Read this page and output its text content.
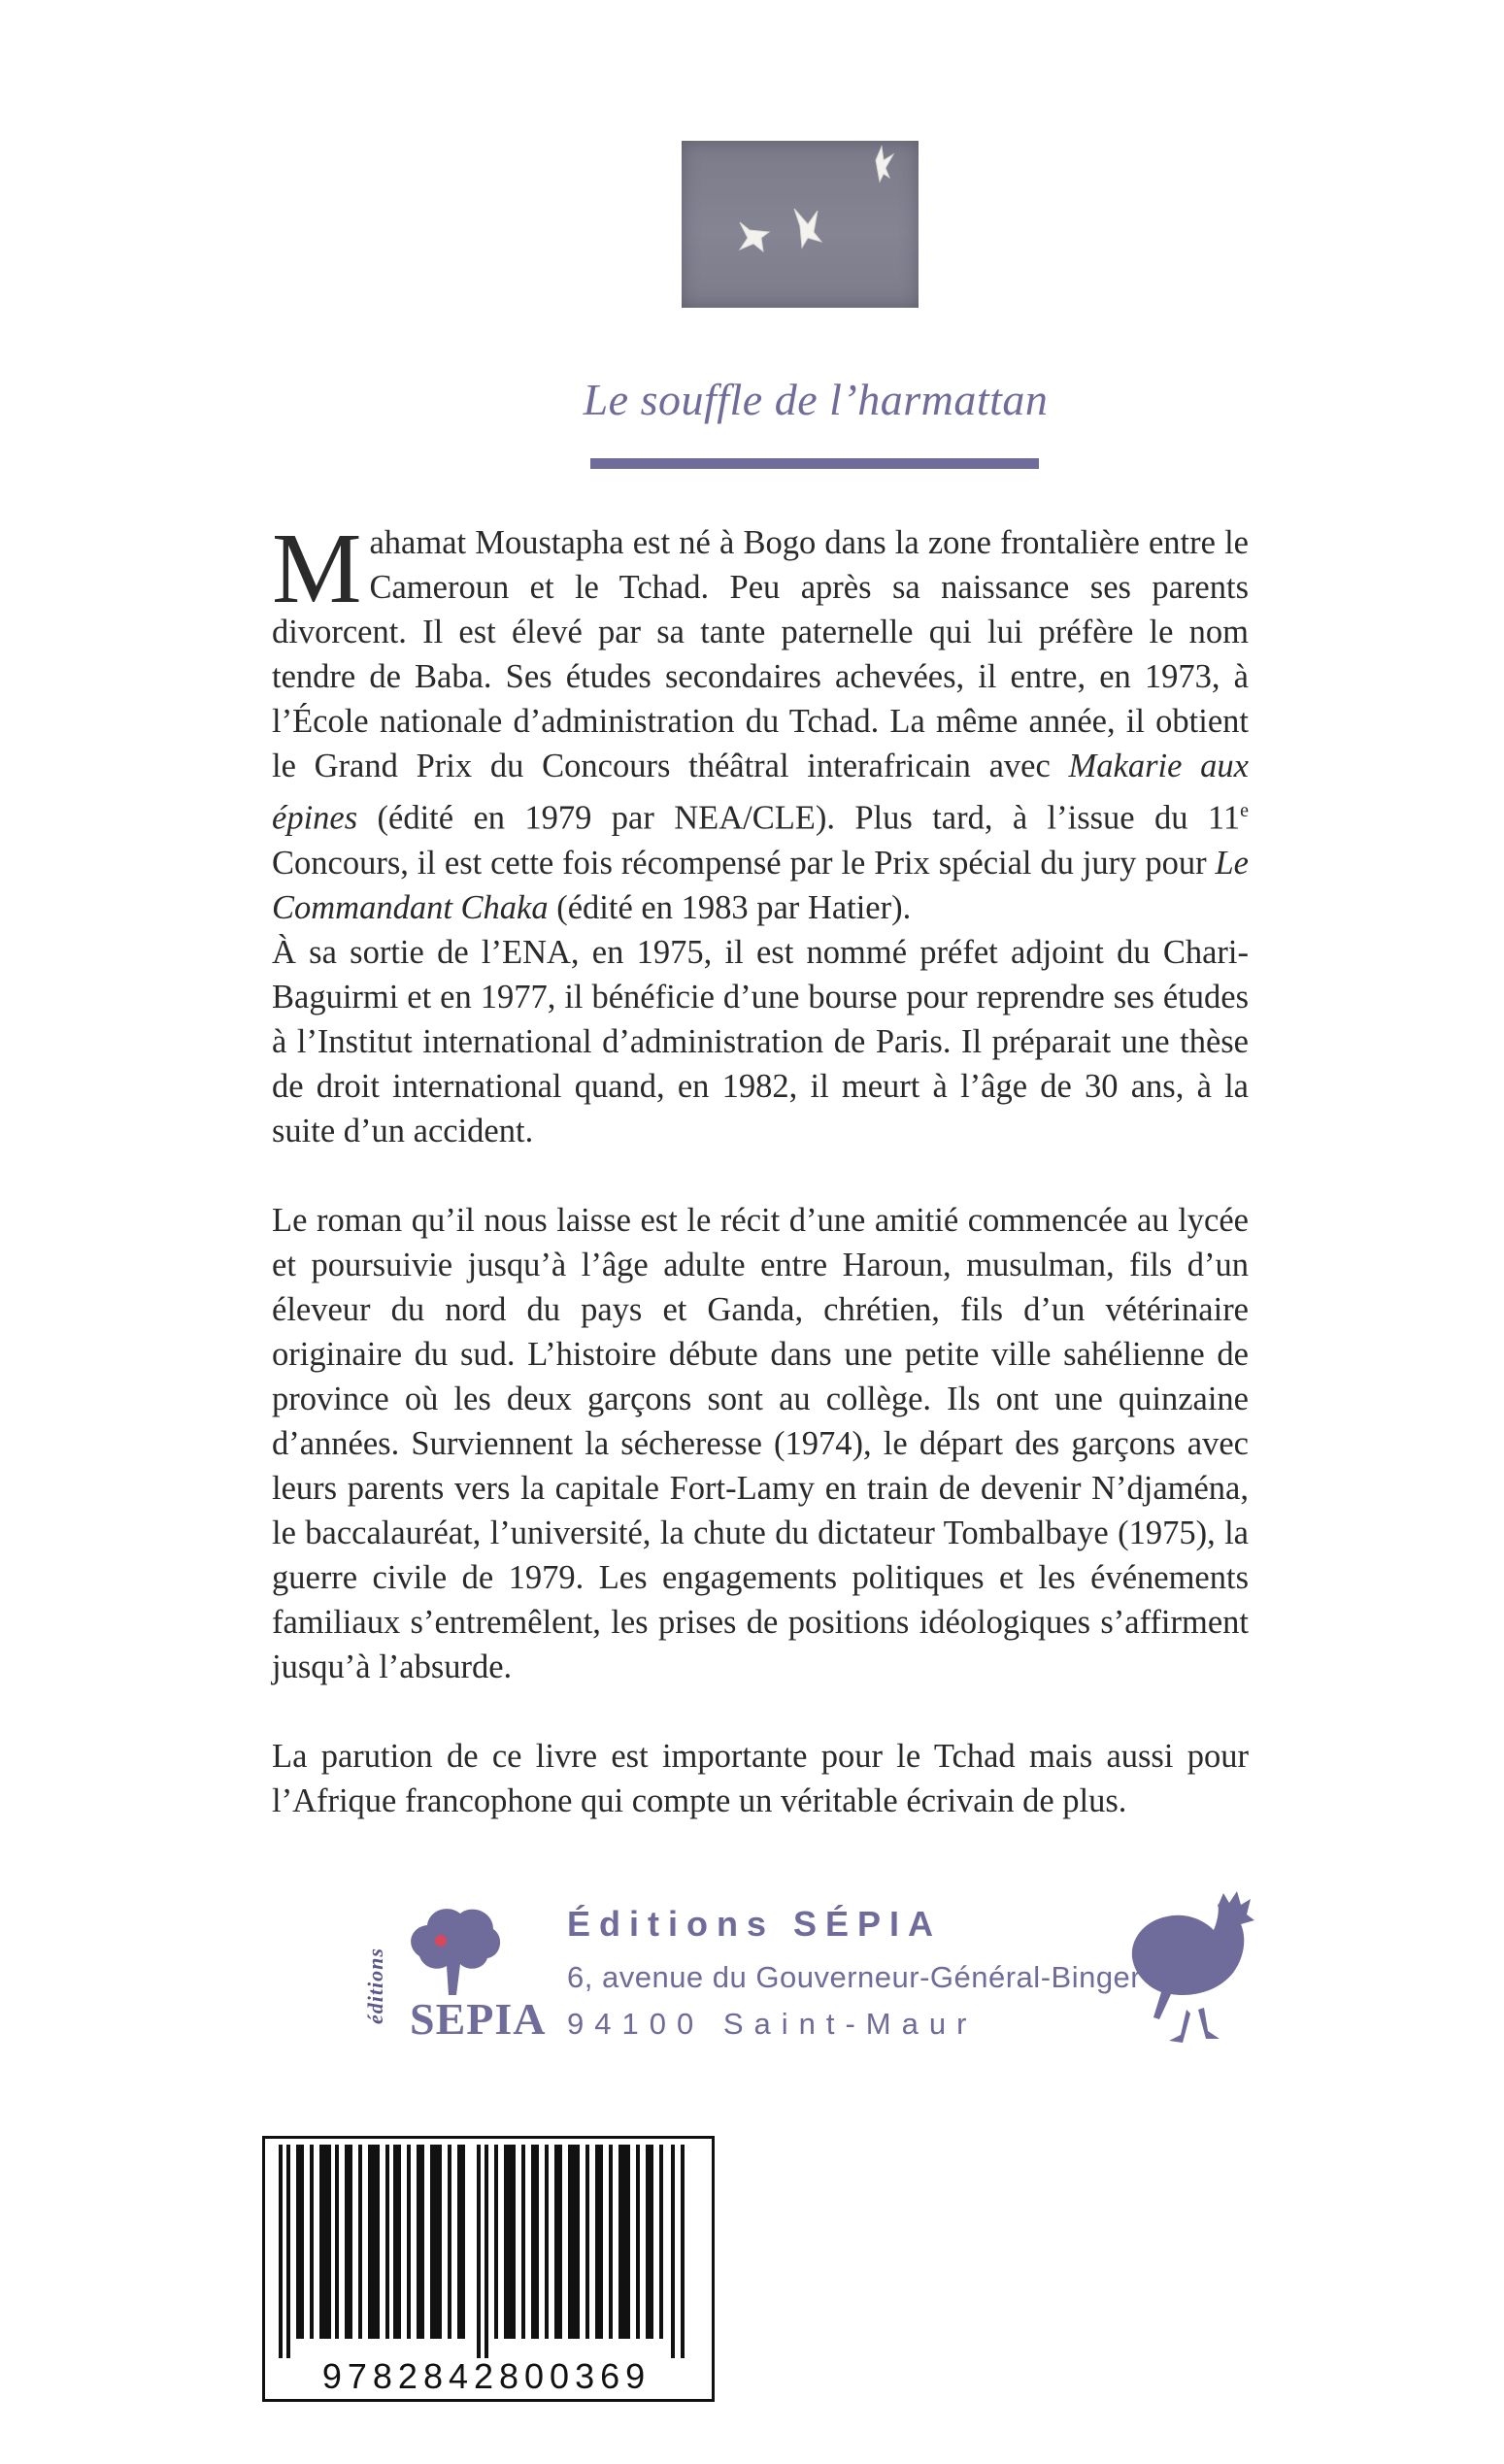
Le souffle de l’harmattan

Mahamat Moustapha est né à Bogo dans la zone frontalière entre le Cameroun et le Tchad. Peu après sa naissance ses parents divorcent. Il est élevé par sa tante paternelle qui lui préfère le nom tendre de Baba. Ses études secondaires achevées, il entre, en 1973, à l’École nationale d’administration du Tchad. La même année, il obtient le Grand Prix du Concours théâtral interafricain avec Makarie aux épines (édité en 1979 par NEA/CLE). Plus tard, à l’issue du 11e Concours, il est cette fois récompensé par le Prix spécial du jury pour Le Commandant Chaka (édité en 1983 par Hatier).

À sa sortie de l’ENA, en 1975, il est nommé préfet adjoint du Chari-Baguirmi et en 1977, il bénéficie d’une bourse pour reprendre ses études à l’Institut international d’administration de Paris. Il préparait une thèse de droit international quand, en 1982, il meurt à l’âge de 30 ans, à la suite d’un accident.

Le roman qu’il nous laisse est le récit d’une amitié commencée au lycée et poursuivie jusqu’à l’âge adulte entre Haroun, musulman, fils d’un éleveur du nord du pays et Ganda, chrétien, fils d’un vétérinaire originaire du sud. L’histoire débute dans une petite ville sahélienne de province où les deux garçons sont au collège. Ils ont une quinzaine d’années. Surviennent la sécheresse (1974), le départ des garçons avec leurs parents vers la capitale Fort-Lamy en train de devenir N’djaména, le baccalauréat, l’université, la chute du dictateur Tombalbaye (1975), la guerre civile de 1979. Les engagements politiques et les événements familiaux s’entremêlent, les prises de positions idéologiques s’affirment jusqu’à l’absurde.

La parution de ce livre est importante pour le Tchad mais aussi pour l’Afrique francophone qui compte un véritable écrivain de plus.

éditions SEPIA
Éditions SÉPIA
6, avenue du Gouverneur-Général-Binger
94100 Saint-Maur
9782842800369
